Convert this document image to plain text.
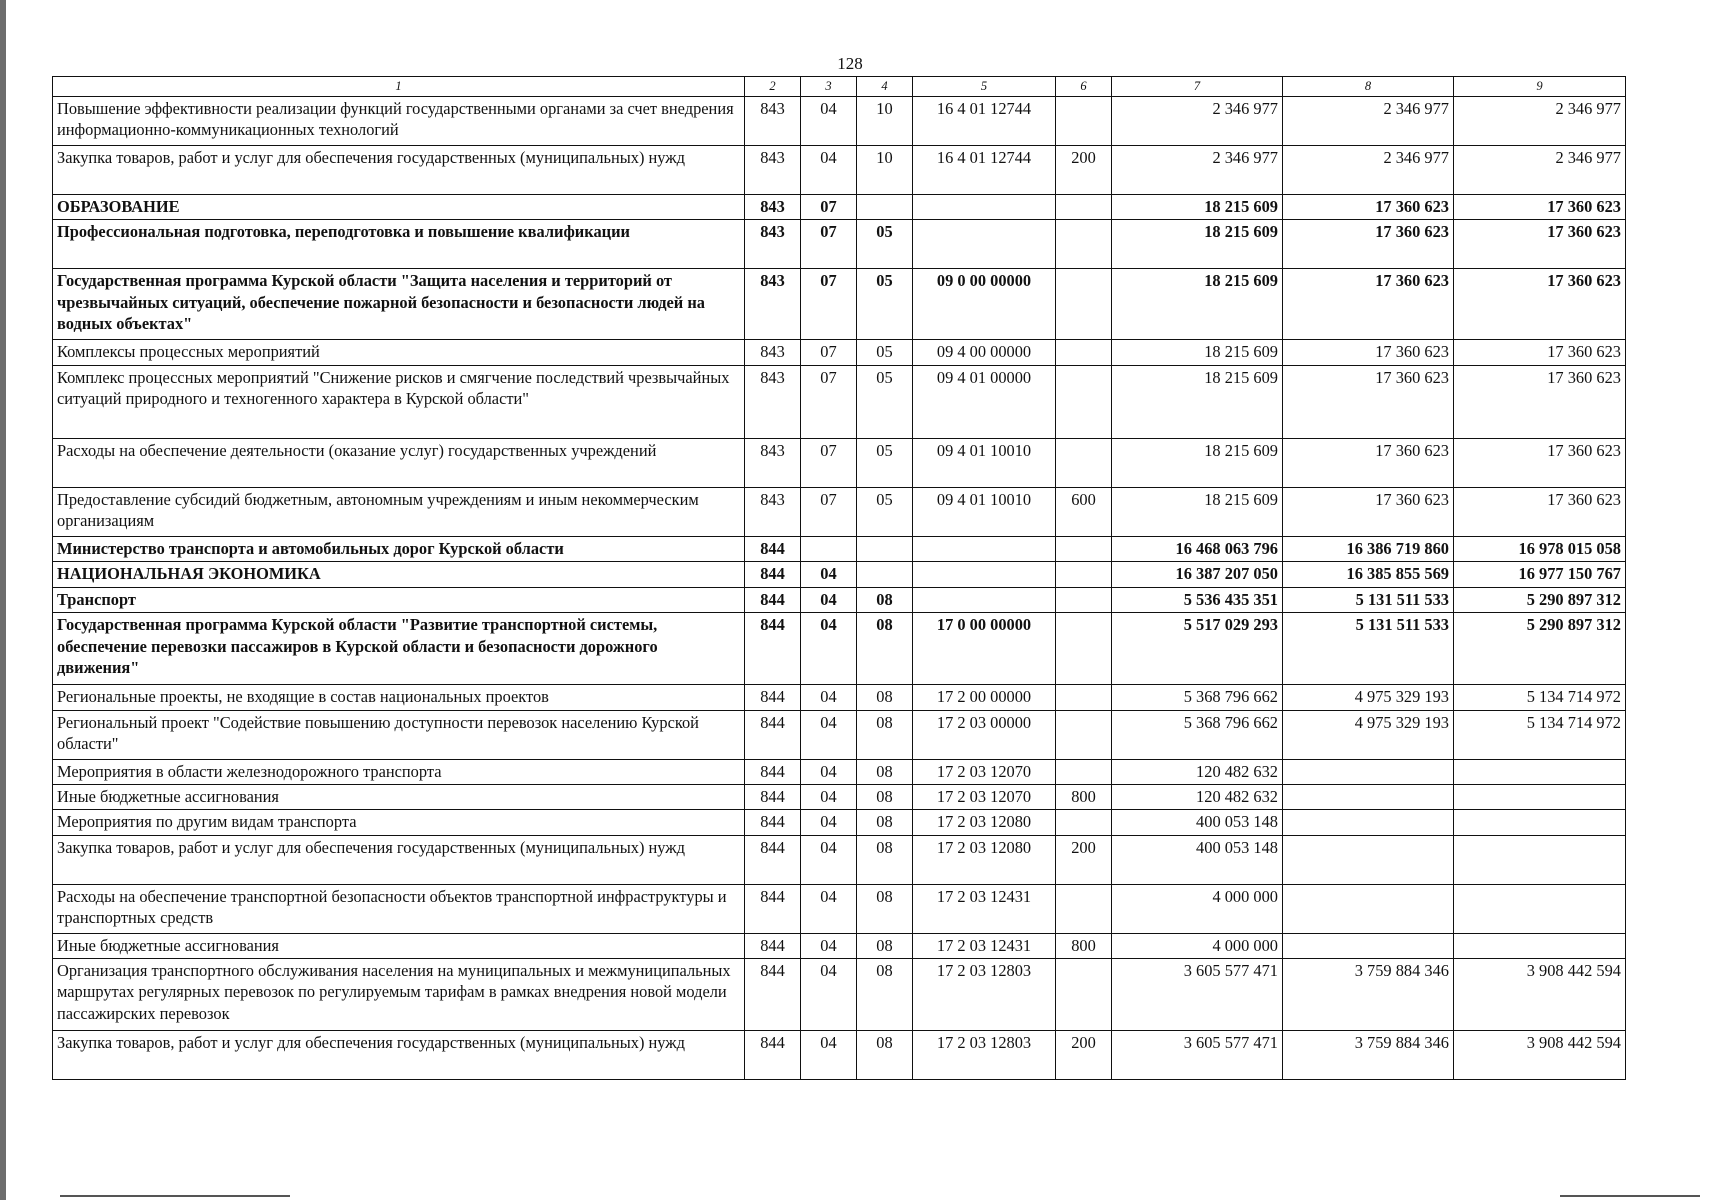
128
1	2	3	4	5	6	7	8	9
Повышение эффективности реализации функций государственными органами за счет внедрения информационно-коммуникационных технологий	843	04	10	16 4 01 12744		2 346 977	2 346 977	2 346 977
Закупка товаров, работ и услуг для обеспечения государственных (муниципальных) нужд	843	04	10	16 4 01 12744	200	2 346 977	2 346 977	2 346 977
ОБРАЗОВАНИЕ	843	07				18 215 609	17 360 623	17 360 623
Профессиональная подготовка, переподготовка и повышение квалификации	843	07	05			18 215 609	17 360 623	17 360 623
Государственная программа Курской области "Защита населения и территорий от чрезвычайных ситуаций, обеспечение пожарной безопасности и безопасности людей на водных объектах"	843	07	05	09 0 00 00000		18 215 609	17 360 623	17 360 623
Комплексы процессных мероприятий	843	07	05	09 4 00 00000		18 215 609	17 360 623	17 360 623
Комплекс процессных мероприятий "Снижение рисков и смягчение последствий чрезвычайных ситуаций природного и техногенного характера в Курской области"	843	07	05	09 4 01 00000		18 215 609	17 360 623	17 360 623
Расходы на обеспечение деятельности (оказание услуг) государственных учреждений	843	07	05	09 4 01 10010		18 215 609	17 360 623	17 360 623
Предоставление субсидий бюджетным, автономным учреждениям и иным некоммерческим организациям	843	07	05	09 4 01 10010	600	18 215 609	17 360 623	17 360 623
Министерство транспорта и автомобильных дорог Курской области	844					16 468 063 796	16 386 719 860	16 978 015 058
НАЦИОНАЛЬНАЯ ЭКОНОМИКА	844	04				16 387 207 050	16 385 855 569	16 977 150 767
Транспорт	844	04	08			5 536 435 351	5 131 511 533	5 290 897 312
Государственная программа Курской области "Развитие транспортной системы, обеспечение перевозки пассажиров в Курской области и безопасности дорожного движения"	844	04	08	17 0 00 00000		5 517 029 293	5 131 511 533	5 290 897 312
Региональные проекты, не входящие в состав национальных проектов	844	04	08	17 2 00 00000		5 368 796 662	4 975 329 193	5 134 714 972
Региональный проект "Содействие повышению доступности перевозок населению Курской области"	844	04	08	17 2 03 00000		5 368 796 662	4 975 329 193	5 134 714 972
Мероприятия в области железнодорожного транспорта	844	04	08	17 2 03 12070		120 482 632		
Иные бюджетные ассигнования	844	04	08	17 2 03 12070	800	120 482 632		
Мероприятия по другим видам транспорта	844	04	08	17 2 03 12080		400 053 148		
Закупка товаров, работ и услуг для обеспечения государственных (муниципальных) нужд	844	04	08	17 2 03 12080	200	400 053 148		
Расходы на обеспечение транспортной безопасности объектов транспортной инфраструктуры и транспортных средств	844	04	08	17 2 03 12431		4 000 000		
Иные бюджетные ассигнования	844	04	08	17 2 03 12431	800	4 000 000		
Организация транспортного обслуживания населения на муниципальных и межмуниципальных маршрутах регулярных перевозок по регулируемым тарифам в рамках внедрения новой модели пассажирских перевозок	844	04	08	17 2 03 12803		3 605 577 471	3 759 884 346	3 908 442 594
Закупка товаров, работ и услуг для обеспечения государственных (муниципальных) нужд	844	04	08	17 2 03 12803	200	3 605 577 471	3 759 884 346	3 908 442 594
